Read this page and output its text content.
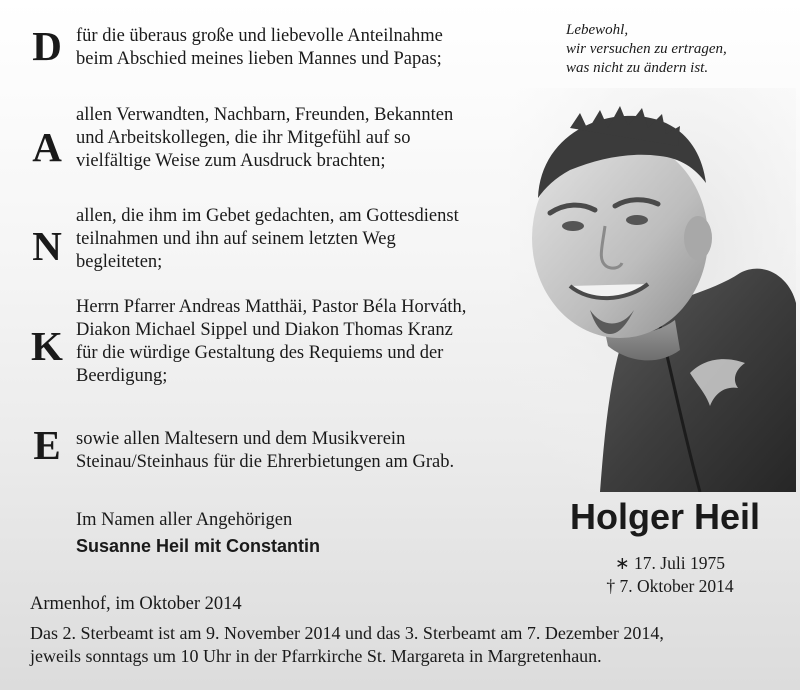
D
A
N
K
E
für die überaus große und liebevolle Anteilnahme
beim Abschied meines lieben Mannes und Papas;
allen Verwandten, Nachbarn, Freunden, Bekannten
und Arbeitskollegen, die ihr Mitgefühl auf so
vielfältige Weise zum Ausdruck brachten;
allen, die ihm im Gebet gedachten, am Gottesdienst
teilnahmen und ihn auf seinem letzten Weg
begleiteten;
Herrn Pfarrer Andreas Matthäi, Pastor Béla Horváth,
Diakon Michael Sippel und Diakon Thomas Kranz
für die würdige Gestaltung des Requiems und der
Beerdigung;
sowie allen Maltesern und dem Musikverein
Steinau/Steinhaus für die Ehrerbietungen am Grab.
Lebewohl,
wir versuchen zu ertragen,
was nicht zu ändern ist.
Holger Heil
∗ 17. Juli 1975
† 7. Oktober 2014
Im Namen aller Angehörigen
Susanne Heil mit Constantin
Armenhof, im Oktober 2014
Das 2. Sterbeamt ist am 9. November 2014 und das 3. Sterbeamt am 7. Dezember 2014,
jeweils sonntags um 10 Uhr in der Pfarrkirche St. Margareta in Margretenhaun.
